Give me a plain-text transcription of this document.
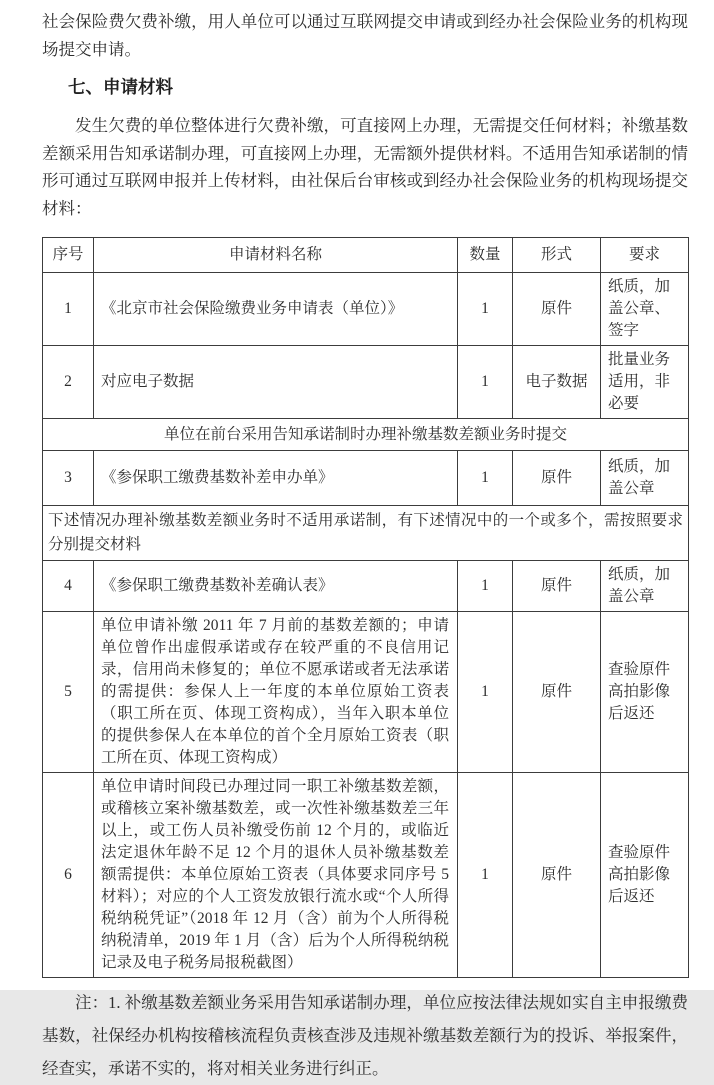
社会保险费欠费补缴，用人单位可以通过互联网提交申请或到经办社会保险业务的机构现场提交申请。

七、申请材料

发生欠费的单位整体进行欠费补缴，可直接网上办理，无需提交任何材料；补缴基数差额采用告知承诺制办理，可直接网上办理，无需额外提供材料。不适用告知承诺制的情形可通过互联网申报并上传材料，由社保后台审核或到经办社会保险业务的机构现场提交材料：

序号	申请材料名称	数量	形式	要求
1	《北京市社会保险缴费业务申请表（单位）》	1	原件	纸质，加盖公章、签字
2	对应电子数据	1	电子数据	批量业务适用，非必要
单位在前台采用告知承诺制时办理补缴基数差额业务时提交				
3	《参保职工缴费基数补差申办单》	1	原件	纸质，加盖公章
下述情况办理补缴基数差额业务时不适用承诺制，有下述情况中的一个或多个，需按照要求分别提交材料				
4	《参保职工缴费基数补差确认表》	1	原件	纸质，加盖公章
5	单位申请补缴 2011 年 7 月前的基数差额的；申请单位曾作出虚假承诺或存在较严重的不良信用记录，信用尚未修复的；单位不愿承诺或者无法承诺的需提供：参保人上一年度的本单位原始工资表（职工所在页、体现工资构成），当年入职本单位的提供参保人在本单位的首个全月原始工资表（职工所在页、体现工资构成）	1	原件	查验原件高拍影像后返还
6	单位申请时间段已办理过同一职工补缴基数差额，或稽核立案补缴基数差，或一次性补缴基数差三年以上，或工伤人员补缴受伤前 12 个月的，或临近法定退休年龄不足 12 个月的退休人员补缴基数差额需提供：本单位原始工资表（具体要求同序号 5 材料）；对应的个人工资发放银行流水或“个人所得税纳税凭证”（2018 年 12 月（含）前为个人所得税纳税清单，2019 年 1 月（含）后为个人所得税纳税记录及电子税务局报税截图）	1	原件	查验原件高拍影像后返还

注：1. 补缴基数差额业务采用告知承诺制办理，单位应按法律法规如实自主申报缴费基数，社保经办机构按稽核流程负责核查涉及违规补缴基数差额行为的投诉、举报案件，经查实，承诺不实的，将对相关业务进行纠正。
